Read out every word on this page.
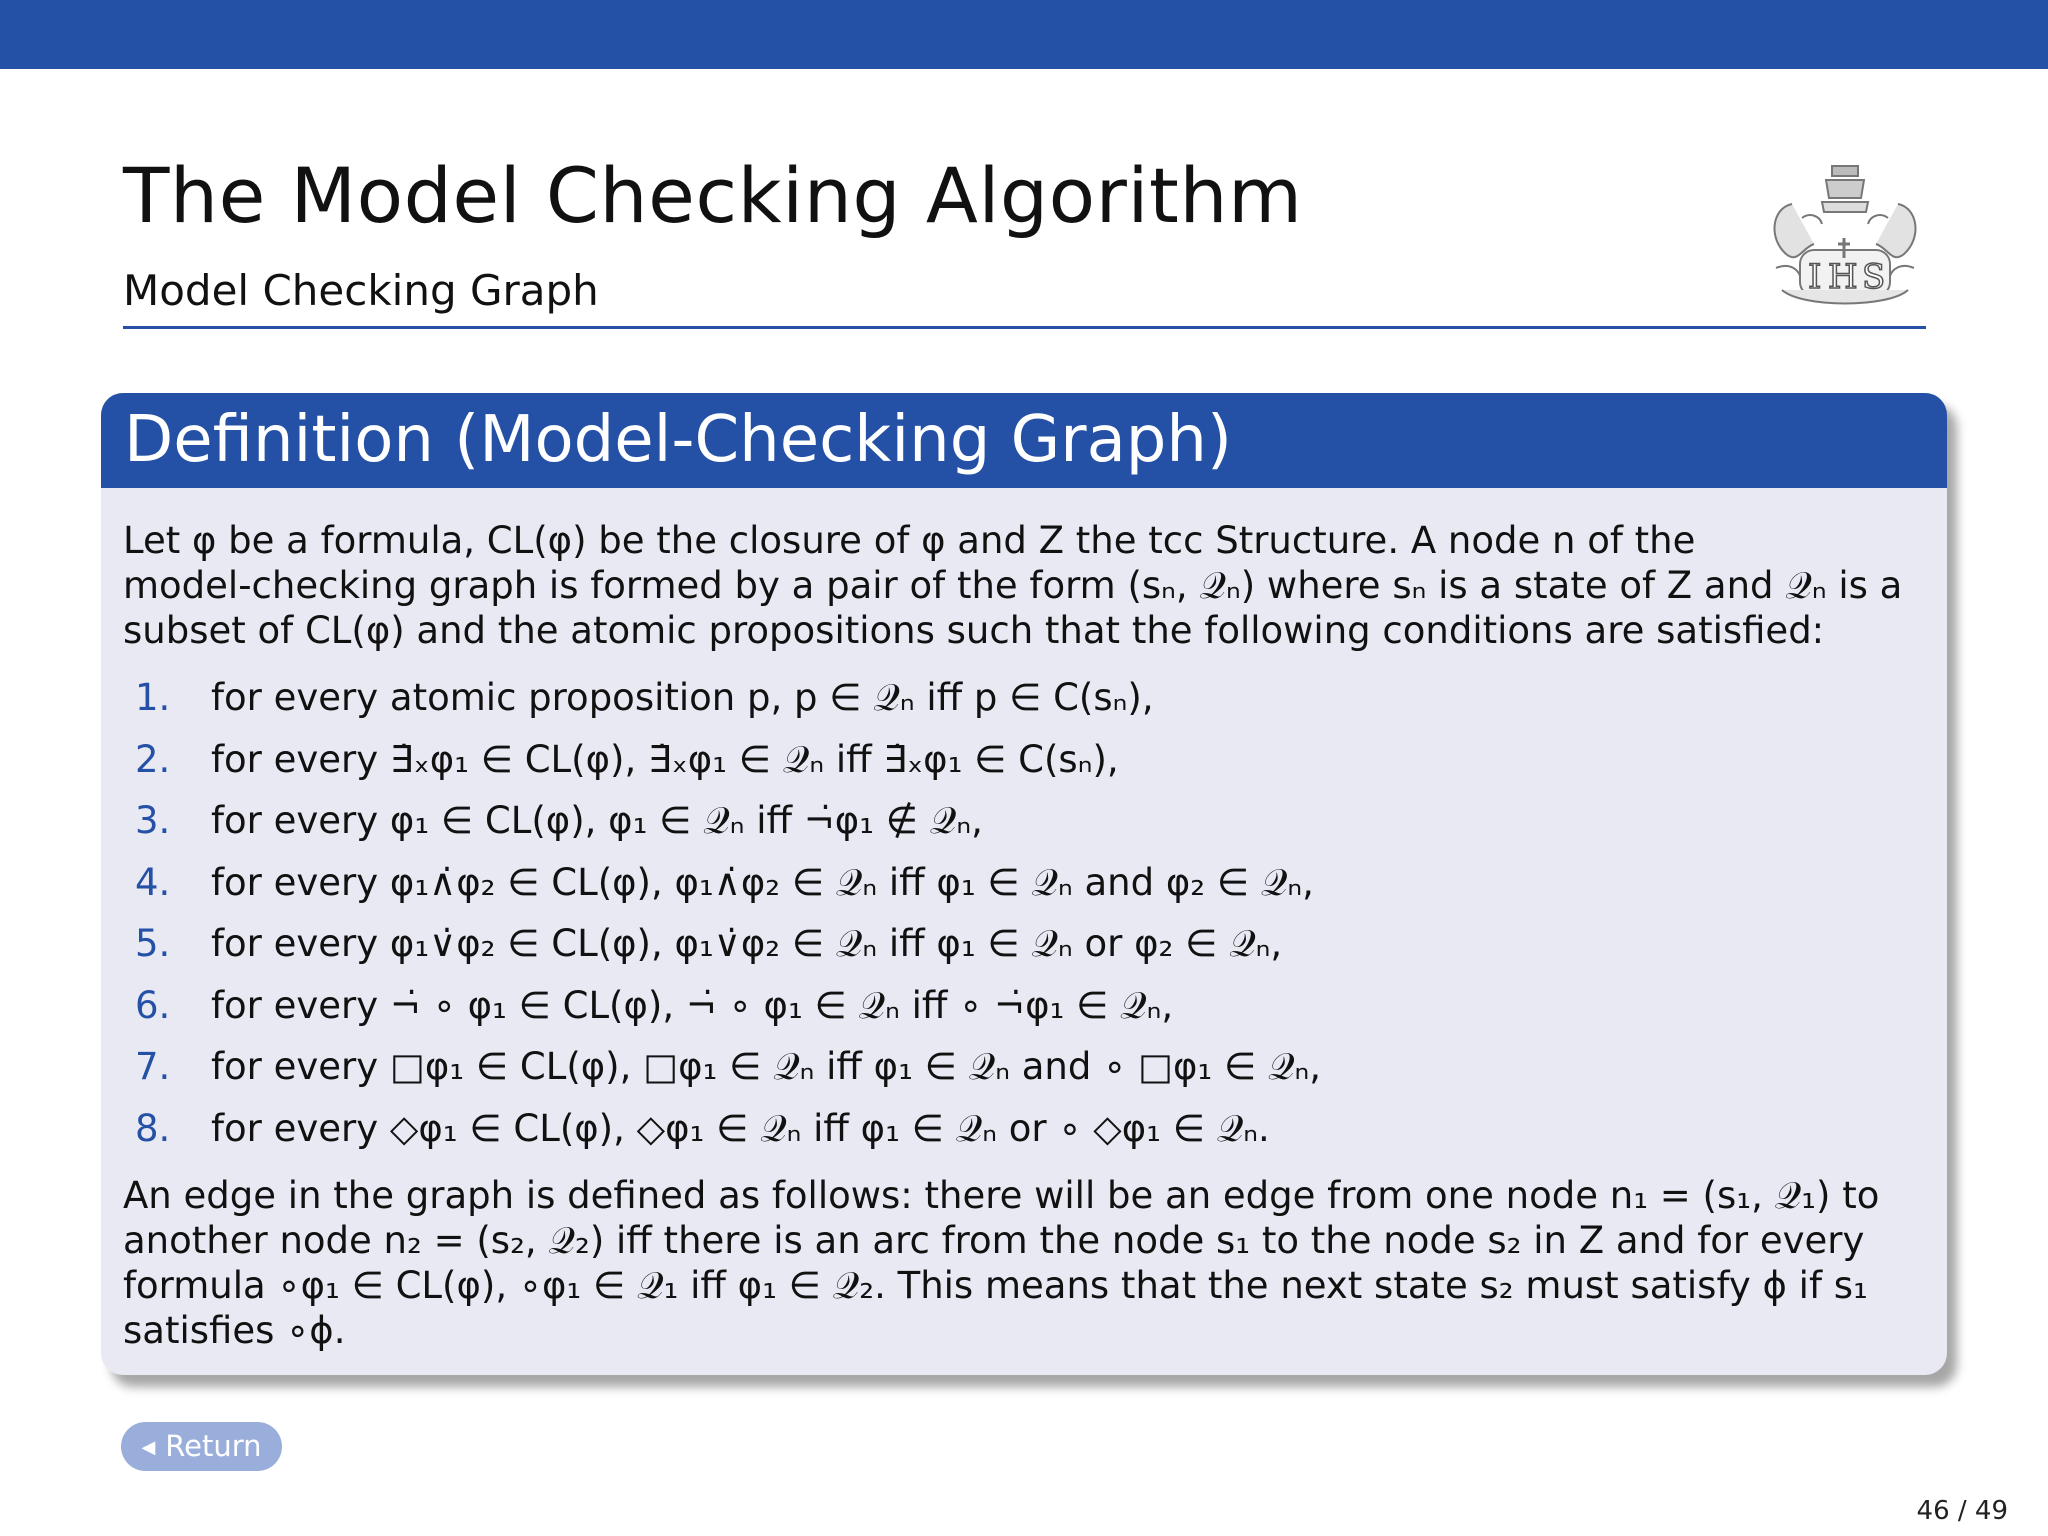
The Model Checking Algorithm
Model Checking Graph	I H S
Definition (Model-Checking Graph)

Let φ be a formula, CL(φ) be the closure of φ and Z the tcc Structure. A node n of the

model-checking graph is formed by a pair of the form (sₙ, 𝒬ₙ) where sₙ is a state of Z and 𝒬ₙ is a

subset of CL(φ) and the atomic propositions such that the following conditions are satisfied:

1.	for every atomic proposition p, p ∈ 𝒬ₙ iff p ∈ C(sₙ),
2.	for every ∃̇ₓφ₁ ∈ CL(φ), ∃̇ₓφ₁ ∈ 𝒬ₙ iff ∃̇ₓφ₁ ∈ C(sₙ),
3.	for every φ₁ ∈ CL(φ), φ₁ ∈ 𝒬ₙ iff ¬̇φ₁ ∉ 𝒬ₙ,
4.	for every φ₁∧̇φ₂ ∈ CL(φ), φ₁∧̇φ₂ ∈ 𝒬ₙ iff φ₁ ∈ 𝒬ₙ and φ₂ ∈ 𝒬ₙ,
5.	for every φ₁∨̇φ₂ ∈ CL(φ), φ₁∨̇φ₂ ∈ 𝒬ₙ iff φ₁ ∈ 𝒬ₙ or φ₂ ∈ 𝒬ₙ,
6.	for every ¬̇ ∘ φ₁ ∈ CL(φ), ¬̇ ∘ φ₁ ∈ 𝒬ₙ iff ∘ ¬̇φ₁ ∈ 𝒬ₙ,
7.	for every □φ₁ ∈ CL(φ), □φ₁ ∈ 𝒬ₙ iff φ₁ ∈ 𝒬ₙ and ∘ □φ₁ ∈ 𝒬ₙ,
8.	for every ◇φ₁ ∈ CL(φ), ◇φ₁ ∈ 𝒬ₙ iff φ₁ ∈ 𝒬ₙ or ∘ ◇φ₁ ∈ 𝒬ₙ.

An edge in the graph is defined as follows: there will be an edge from one node n₁ = (s₁, 𝒬₁) to

another node n₂ = (s₂, 𝒬₂) iff there is an arc from the node s₁ to the node s₂ in Z and for every

formula ∘φ₁ ∈ CL(φ), ∘φ₁ ∈ 𝒬₁ iff φ₁ ∈ 𝒬₂. This means that the next state s₂ must satisfy ϕ if s₁

satisfies ∘ϕ.

◀ Return
46 / 49
